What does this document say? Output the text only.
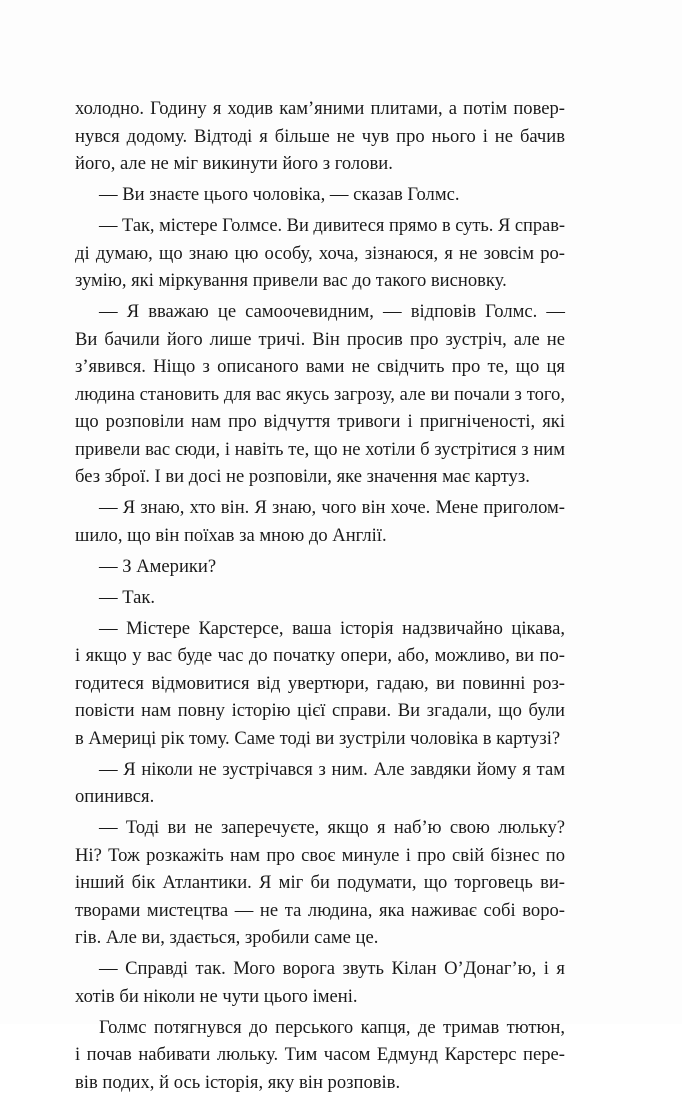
холодно. Годину я ходив кам’яними плитами, а потім повер-
нувся додому. Відтоді я більше не чув про нього і не бачив
його, але не міг викинути його з голови.
— Ви знаєте цього чоловіка, — сказав Голмс.
— Так, містере Голмсе. Ви дивитеся прямо в суть. Я справ-
ді думаю, що знаю цю особу, хоча, зізнаюся, я не зовсім ро-
зумію, які міркування привели вас до такого висновку.
— Я вважаю це самоочевидним, — відповів Голмс. —
Ви бачили його лише тричі. Він просив про зустріч, але не
з’явився. Ніщо з описаного вами не свідчить про те, що ця
людина становить для вас якусь загрозу, але ви почали з того,
що розповіли нам про відчуття тривоги і пригніченості, які
привели вас сюди, і навіть те, що не хотіли б зустрітися з ним
без зброї. І ви досі не розповіли, яке значення має картуз.
— Я знаю, хто він. Я знаю, чого він хоче. Мене приголом-
шило, що він поїхав за мною до Англії.
— З Америки?
— Так.
— Містере Карстерсе, ваша історія надзвичайно цікава,
і якщо у вас буде час до початку опери, або, можливо, ви по-
годитеся відмовитися від увертюри, гадаю, ви повинні роз-
повісти нам повну історію цієї справи. Ви згадали, що були
в Америці рік тому. Саме тоді ви зустріли чоловіка в картузі?
— Я ніколи не зустрічався з ним. Але завдяки йому я там
опинився.
— Тоді ви не заперечуєте, якщо я наб’ю свою люльку?
Ні? Тож розкажіть нам про своє минуле і про свій бізнес по
інший бік Атлантики. Я міг би подумати, що торговець ви-
творами мистецтва — не та людина, яка наживає собі воро-
гів. Але ви, здається, зробили саме це.
— Справді так. Мого ворога звуть Кілан О’Донаг’ю, і я
хотів би ніколи не чути цього імені.
Голмс потягнувся до перського капця, де тримав тютюн,
і почав набивати люльку. Тим часом Едмунд Карстерс пере-
вів подих, й ось історія, яку він розповів.
